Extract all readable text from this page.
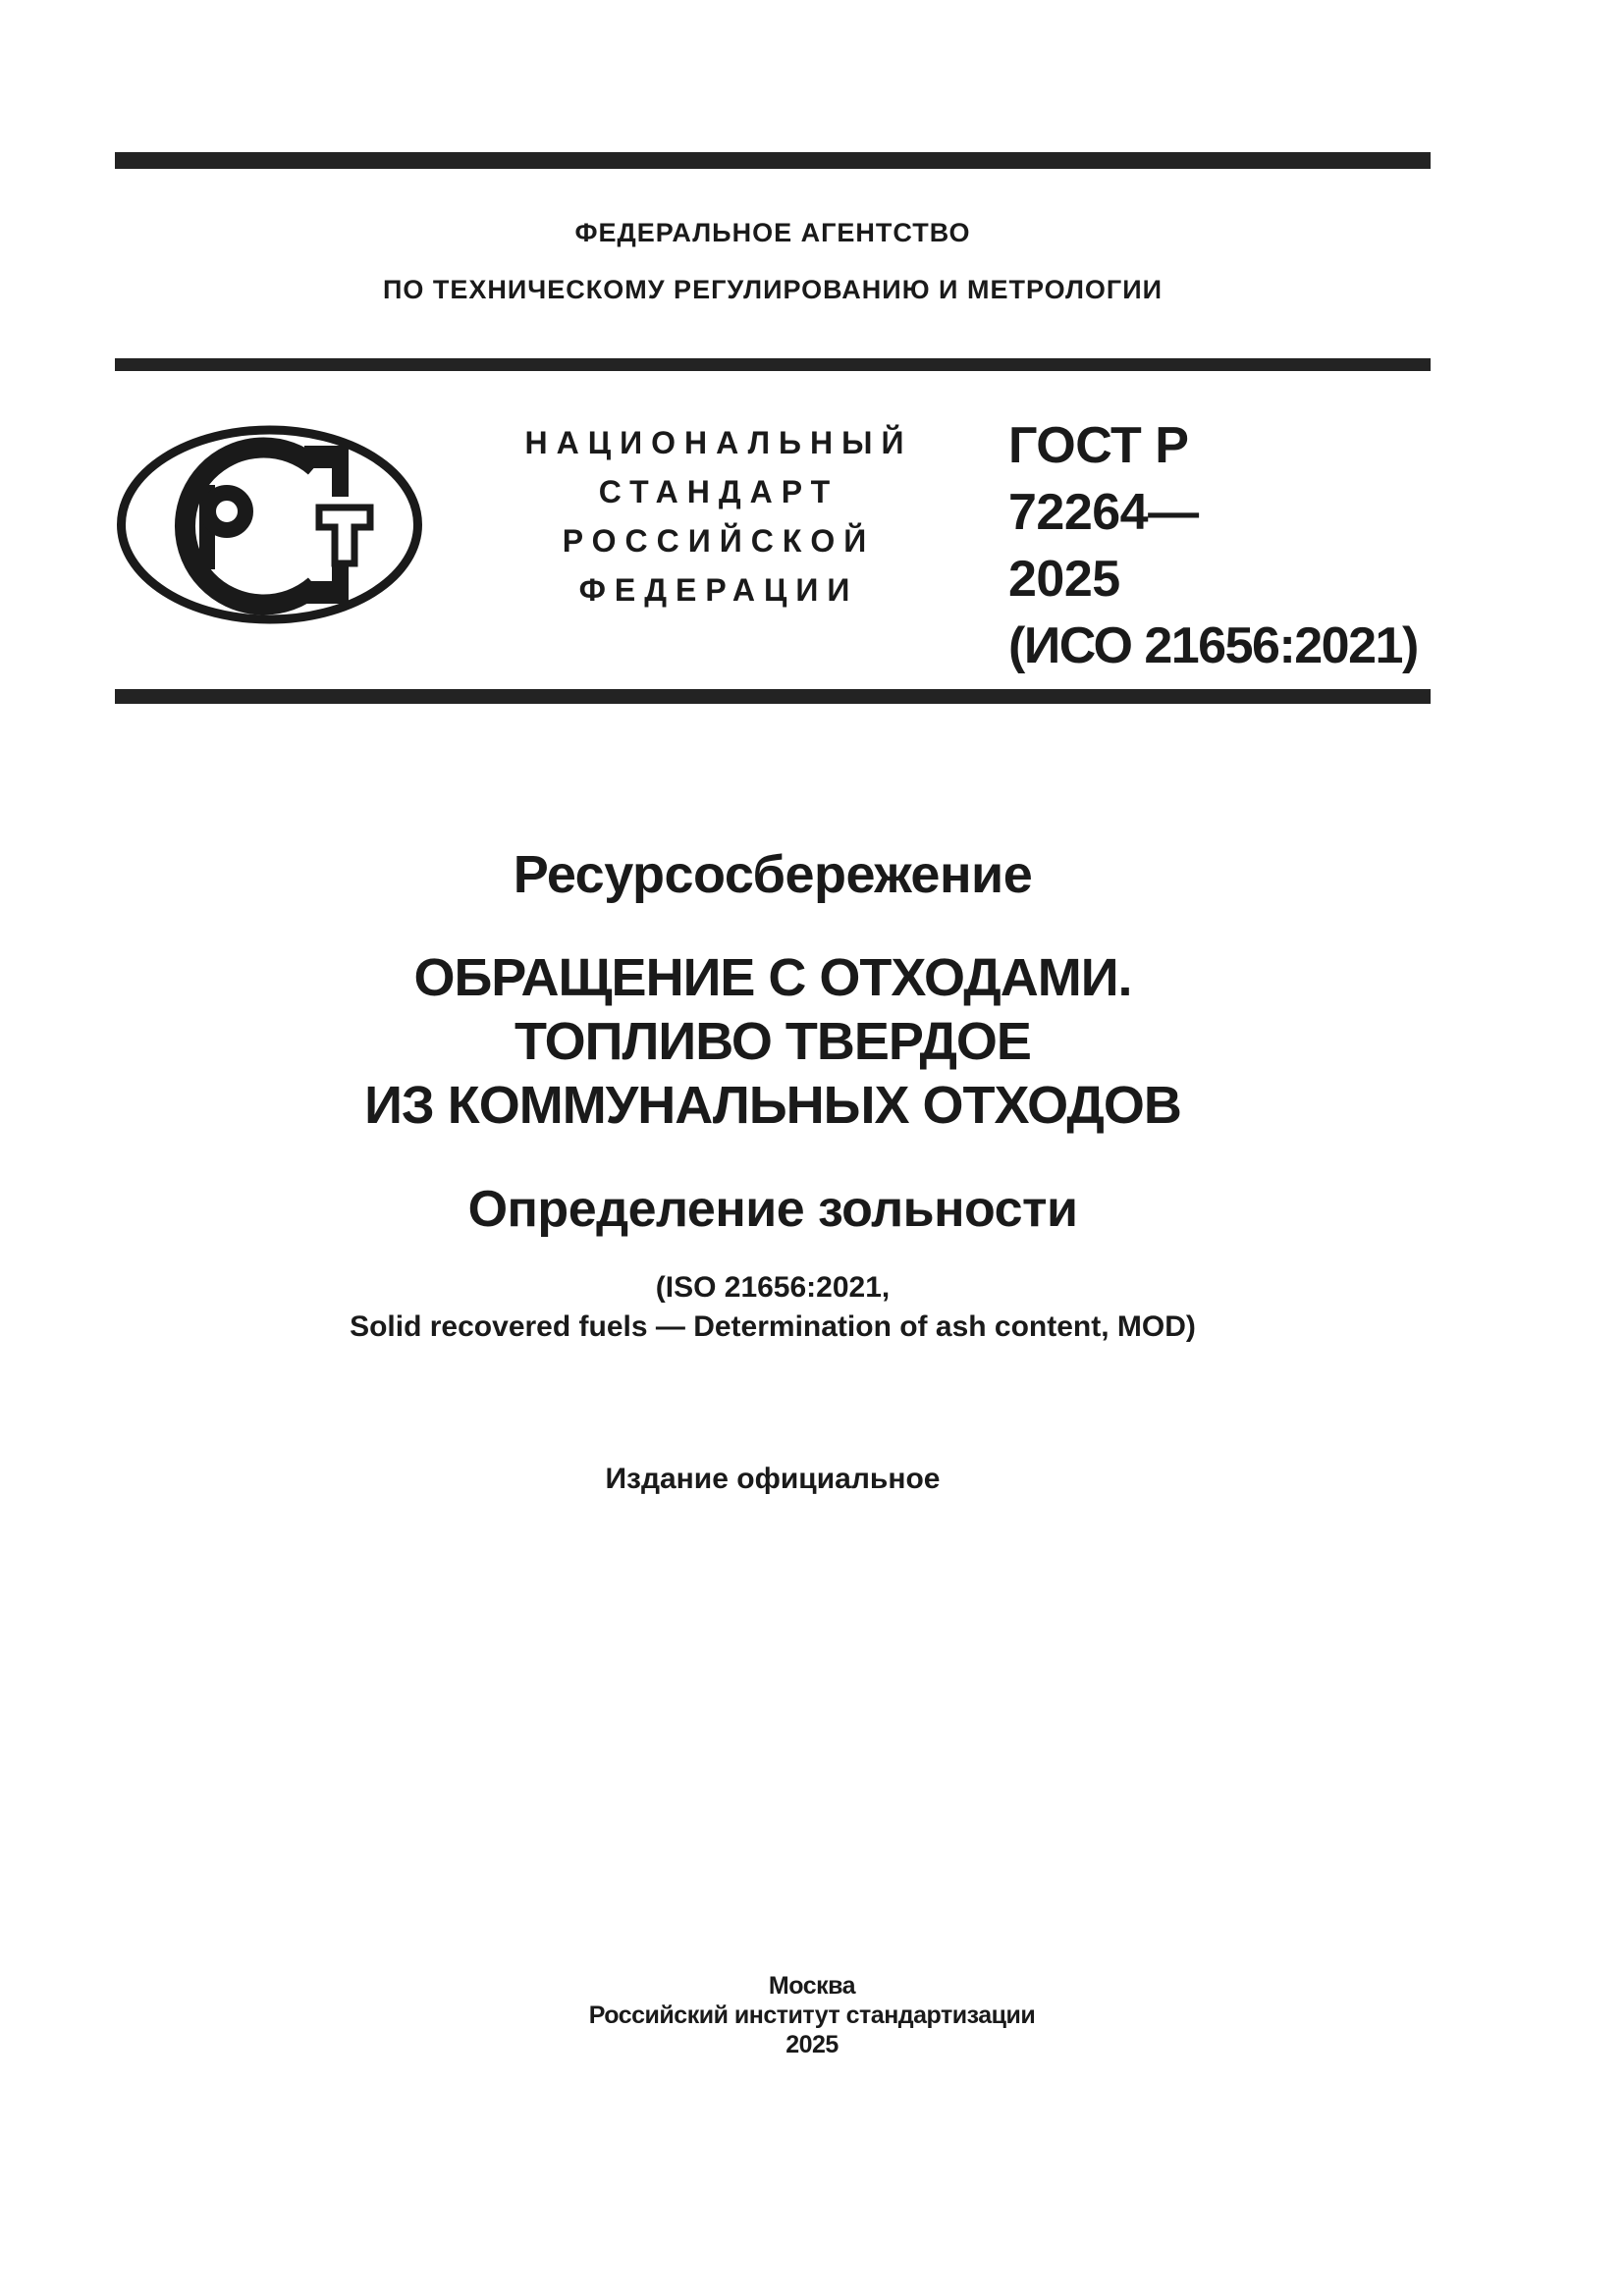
ФЕДЕРАЛЬНОЕ АГЕНТСТВО
ПО ТЕХНИЧЕСКОМУ РЕГУЛИРОВАНИЮ И МЕТРОЛОГИИ
НАЦИОНАЛЬНЫЙ
СТАНДАРТ
РОССИЙСКОЙ
ФЕДЕРАЦИИ
ГОСТ Р
72264—
2025
(ИСО 21656:2021)
Ресурсосбережение
ОБРАЩЕНИЕ С ОТХОДАМИ.
ТОПЛИВО ТВЕРДОЕ
ИЗ КОММУНАЛЬНЫХ ОТХОДОВ
Определение зольности
(ISO 21656:2021,
Solid recovered fuels — Determination of ash content, MOD)
Издание официальное
Москва
Российский институт стандартизации
2025
